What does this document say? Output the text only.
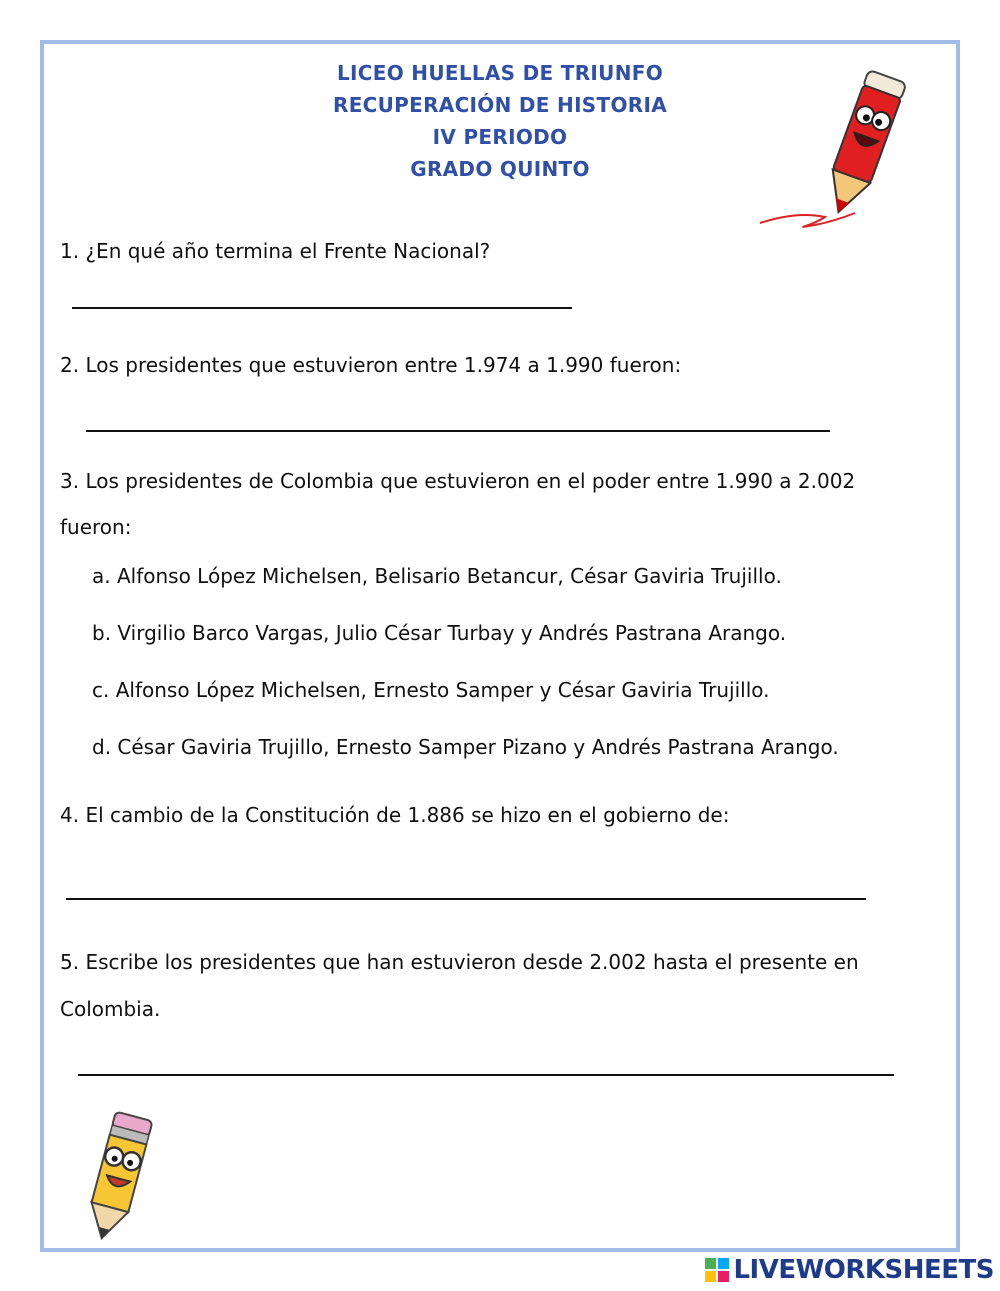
LICEO HUELLAS DE TRIUNFO
RECUPERACIÓN DE HISTORIA
IV PERIODO
GRADO QUINTO
1. ¿En qué año termina el Frente Nacional?
2. Los presidentes que estuvieron entre 1.974 a 1.990 fueron:
3. Los presidentes de Colombia que estuvieron en el poder entre 1.990 a 2.002
fueron:
a. Alfonso López Michelsen, Belisario Betancur, César Gaviria Trujillo.
b. Virgilio Barco Vargas, Julio César Turbay y Andrés Pastrana Arango.
c. Alfonso López Michelsen, Ernesto Samper y César Gaviria Trujillo.
d. César Gaviria Trujillo, Ernesto Samper Pizano y Andrés Pastrana Arango.
4. El cambio de la Constitución de 1.886 se hizo en el gobierno de:
5. Escribe los presidentes que han estuvieron desde 2.002 hasta el presente en
Colombia.
LIVEWORKSHEETS
